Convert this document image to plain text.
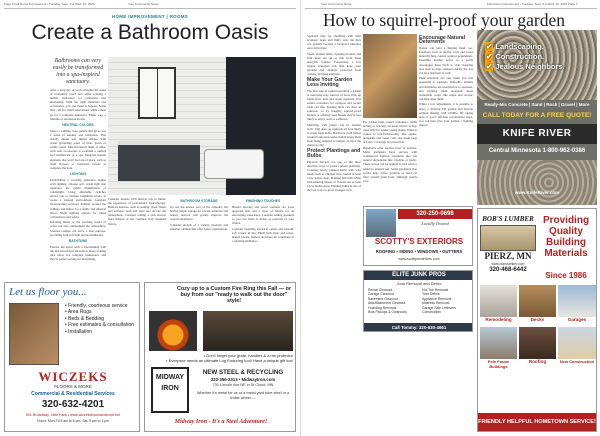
Page 6 Fall Home Improvement • Tuesday, Sept. 9 & Wed. 10, 2025	Your Community News
HOME IMPROVEMENT | ROOMS
Create a Bathroom Oasis
Bathrooms can very easily be transformed into a spa-inspired sanctuary.

After a long day of work, imagine the sense of tranquility you'd feel while soaking a bubble bath-ideal for relaxation and unwinding. With the right materials and accessories, you can make it happen. Some may call for small renovations while others go for a complete makeover. Either way, a lifetime of relaxation awaits.

NEUTRAL COLORS

Select a calming color palette that gives you a sense of serenity and relaxation. That usually means soft, muted shades, with warm grounding tones of blue, green or earthy colors. Mix and match them, or alike, with wall accessories to establish a unified feel reminiscent of a spa. Integrate natural elements that won't feel out of place, such as fresh flowers or luxurious towels to complete the look.

LIGHTING

Establishing a soothing ambiance begins with lighting. Choose soft, warm light that replicates the gentle illumination of candlelight. Using dimmable switches allows you to manage brightness levels, to create a tranquil environment. Consider incorporating recessed lighting around the ceilings and mirror for a subtle and ethereal effect. Night lighting options for added convenience and safety.

Relaxing music or the soothing sound of water can also complement the atmosphere. Scented candles can serve a dual purpose, providing both soft light and aromatherapy.

BATHTUBS

Elevate the space with a freestanding bath tub that encourages relaxation. Deep soaking tubs allow for complete immersion, and they're perfect setting for unwinding.

Consider models with built-in jets to mimic the experience of professional hydrotherapy. Built-in features, such as seating, glass, rinser and armrests both add style and elevate the atmosphere. Consider adding a rain shower head instead of the common wall mounted fixture.

BATHROOM STORAGE

It's not the sexiest part of the remodel, but having ample storage for towels, toiletries and beauty devices will greatly improve the overall experience.

Consider models of a variety, modular and sensible cabinets that offer better organization.

FINISHING TOUCHES

Heated flooring and towel warmers are good upgrades that add a layer of luxury for an enveloping experience. Consider adding speakers so you can listen to music or podcasts of your choice.

Consider installing electrical outlets and smooth, soft towels in tile. Plush bath mats and robes, heated towels, shelves and more all contribute to a relaxing ambiance.

Let us floor you...
• Friendly, courteous service
• Area Rugs
• Beds & Bedding
• Free estimates & consultation
• Installation
WICZEKS
FLOORS & MORE
Commercial & Residential Services
320-632-4201
501 Broadway, Little Falls • www.wiczeksfloorsandmore.net
Hours: Mon-Fri 8 am to 5 pm; Sat. 9 am to 1 pm
Cozy up to a Custom Fire Ring this Fall — or buy from our "ready to walk out the door" style!
• Don't forget your grate, handles & a rim protector
• Everyone needs an ultimate Log Enduring tool! Have a unique gift too!
MIDWAY IRON
NEW STEEL & RECYCLING
320-356-2313 • MidwayIron.com
731 Lincoln Ave NE in St Cloud, MN
Whether it's metal for us or a metal yard tube steel or a trailer wheel —
Midway Iron - It's a Steel Adventure!
Fall Home Improvement • Tuesday, Sept. 9 & Wed. 10, 2025 Page 7
Your Community News
How to squirrel-proof your garden

Squirrels may be charming with their acrobatic leaps and fluffy tails, but they can quickly become a backyard nuisance once fall is here.

Seeds, planted bulbs, ripening produce and fruit trees are all at risk from these energetic rodents. Fortunately, a few simple strategies can help keep your gardens and displays protected from curious, foraging squirrels.

Make Your Garden Less Inviting

The first step in squirrel-proofing a garden is removing easy sources of food. Pick up fallen fruit, nuts and seeds regularly. Use sealed containers for compost and secure trash can lids. Feeding birds can draw in squirrels, so try hanging squirrel-proof feeders or offering seed blends they're less likely to enjoy, such as safflower.

Mulching with plastic can be another tactic. Dig deep, so squirrels are less likely to reach fresh bulbs. Hardware cloth buried around fresh areas under mulch keeps them from being tempted to tamper, or have the chance to dig.

Protect Plantings and Bulbs

Physical barriers are one of the most effective ways to protect prized plantings. Covering newly planted bulbs with wire mesh, such as chicken wire, buried at least a few inches deep. Planting fall bulbs while still ensuring shoots or flowers are at least a few inches deep. Planting bulbs is one of the best ways to grow stronger roots.

For garden beds, raised containers, trellis netting or fencing can keep critters at bay, especially for tender young plants. When it comes to tree-fruit-bearing, like apples, pumpkins and sweet corn, use mesh bags or fabric coverings for protection.

Repellents offer another layer of defense. Many gardeners have success with commercial squirrel repellents that use natural ingredients like cayenne or garlic. These sprays can be applied to bird seed or added to planted soil. Some gardeners also scatter hair, coffee grounds or used cat litter around plant beds, although results vary.

Encourage Natural Deterrents

Nature can lend a helping hand, too. Predators such as hawks, owls and foxes naturally help control squirrel populations. Installing nesting boxes or a perch encourages these birds to visit. Keeping pets such as dogs outdoors during the day can be a deterrent as well.

Plant selection can also make you less appealing to squirrels. Daffodils, alliums and fritillaries are unattractive to squirrels, and planting them alongside more vulnerable crops, like tulips and crocus, can help deter them.

While a few adjustments, it is possible to enjoy a thriving fall garden and harvest without sharing with wildlife. By taking note of good, efficient preventative steps, you can help give your garden a fighting chance.

✔ Landscaping.
✔ Construction.
✔ Jealous Neighbors.
Ready-Mix Concrete | Sand | Rock | Gravel | More
CALL TODAY FOR A FREE QUOTE!
KNIFE RIVER
Central Minnesota 1-800-962-0386
www.KnifeRiver.com
BOB'S LUMBER
PIERZ, MN
www.bobslumber.com
320-468-6442
Providing Quality Building Materials
Since 1986
Remodeling	Decks	Garages
Pole Frame Buildings
Roofing	New Construction
FRIENDLY HELPFUL HOMETOWN SERVICE!
320-250-0698
Locally Owned
SCOTTY'S EXTERIORS
ROOFING • SIDING • WINDOWS • GUTTERS
www.scottysexteriors.com
ELITE JUNK PROS
Junk Removal and Demo
Rental Cleanout
Garage Cleanout
Basement Cleanout
Attic/Basement Cleanout
Hoarding Removal
Bulk Pickups & Cleanouts
Hot Tub Removal
Yard Debris
Appliance Removal
Mattress Removal
Garage Sale Leftovers
Construction
Call Tommy: 320-630-4661
